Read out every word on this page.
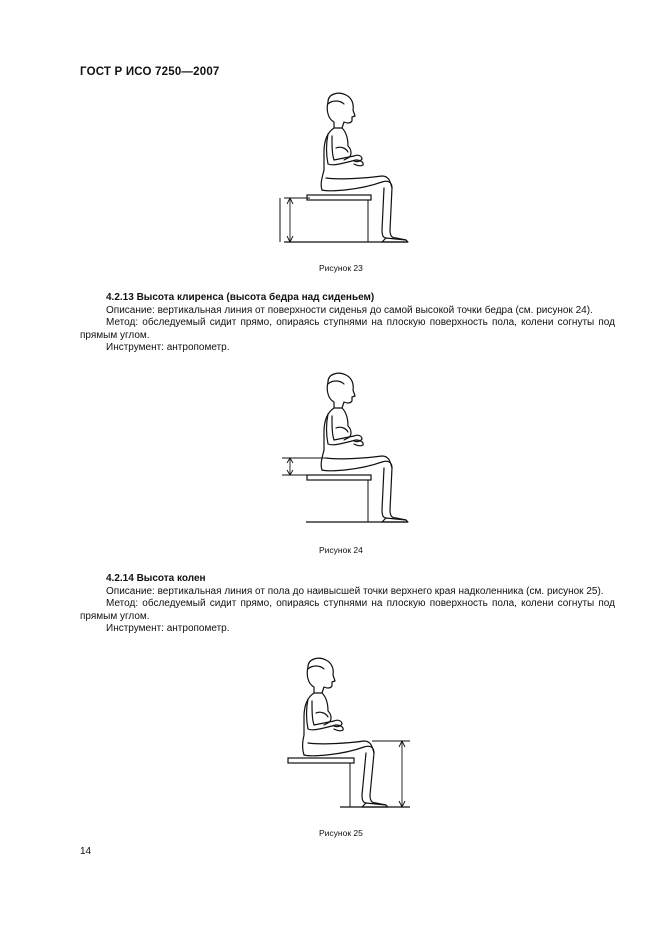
ГОСТ Р ИСО 7250—2007
Рисунок 23

4.2.13 Высота клиренса (высота бедра над сиденьем)

Описание: вертикальная линия от поверхности сиденья до самой высокой точки бедра (см. рисунок 24).

Метод: обследуемый сидит прямо, опираясь ступнями на плоскую поверхность пола, колени согнуты под прямым углом.

Инструмент: антропометр.

Рисунок 24

4.2.14 Высота колен

Описание: вертикальная линия от пола до наивысшей точки верхнего края надколенника (см. рисунок 25).

Метод: обследуемый сидит прямо, опираясь ступнями на плоскую поверхность пола, колени согнуты под прямым углом.

Инструмент: антропометр.

Рисунок 25
14
